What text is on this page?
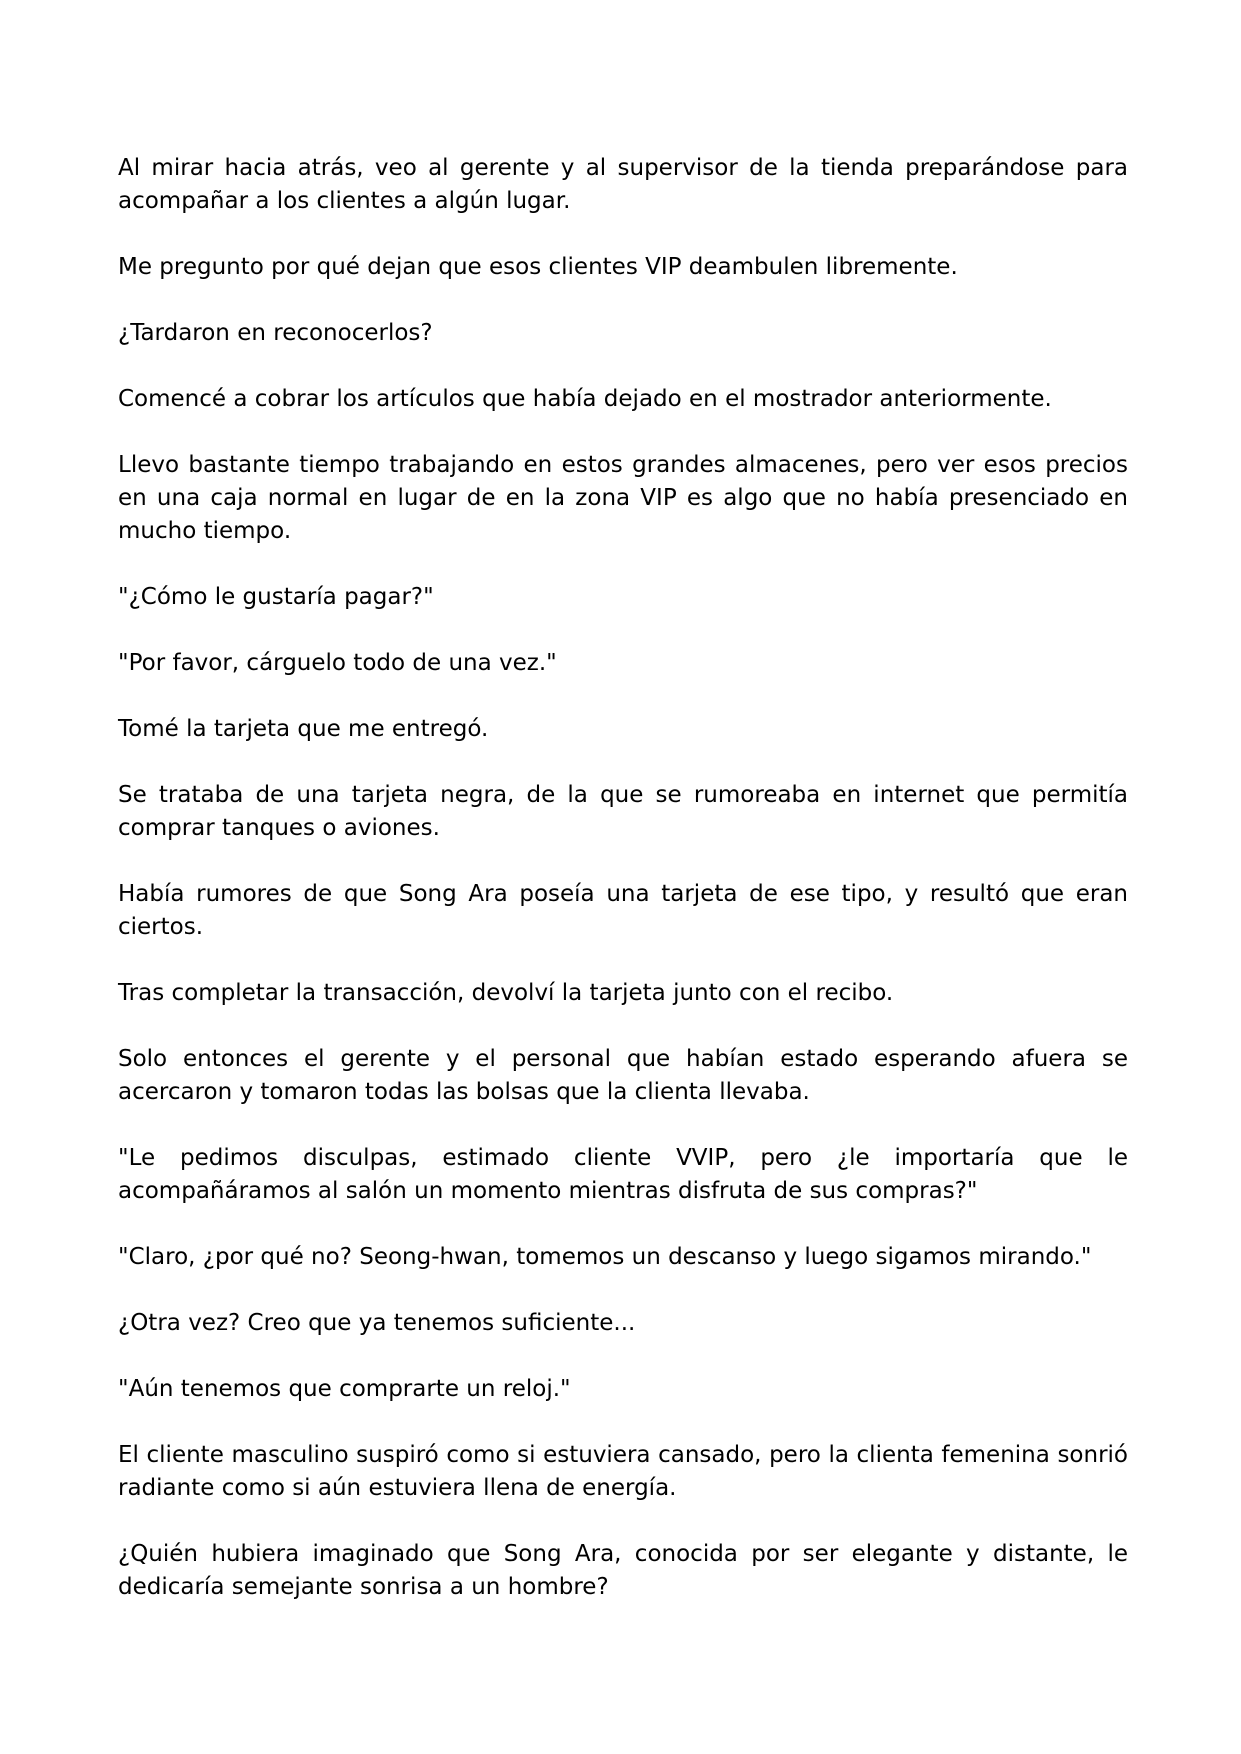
Al mirar hacia atrás, veo al gerente y al supervisor de la tienda preparándose para acompañar a los clientes a algún lugar.

Me pregunto por qué dejan que esos clientes VIP deambulen libremente.

¿Tardaron en reconocerlos?

Comencé a cobrar los artículos que había dejado en el mostrador anteriormente.

Llevo bastante tiempo trabajando en estos grandes almacenes, pero ver esos precios en una caja normal en lugar de en la zona VIP es algo que no había presenciado en mucho tiempo.

"¿Cómo le gustaría pagar?"

"Por favor, cárguelo todo de una vez."

Tomé la tarjeta que me entregó.

Se trataba de una tarjeta negra, de la que se rumoreaba en internet que permitía comprar tanques o aviones.

Había rumores de que Song Ara poseía una tarjeta de ese tipo, y resultó que eran ciertos.

Tras completar la transacción, devolví la tarjeta junto con el recibo.

Solo entonces el gerente y el personal que habían estado esperando afuera se acercaron y tomaron todas las bolsas que la clienta llevaba.

"Le pedimos disculpas, estimado cliente VVIP, pero ¿le importaría que le acompañáramos al salón un momento mientras disfruta de sus compras?"

"Claro, ¿por qué no? Seong-hwan, tomemos un descanso y luego sigamos mirando."

¿Otra vez? Creo que ya tenemos suficiente...

"Aún tenemos que comprarte un reloj."

El cliente masculino suspiró como si estuviera cansado, pero la clienta femenina sonrió radiante como si aún estuviera llena de energía.

¿Quién hubiera imaginado que Song Ara, conocida por ser elegante y distante, le dedicaría semejante sonrisa a un hombre?
